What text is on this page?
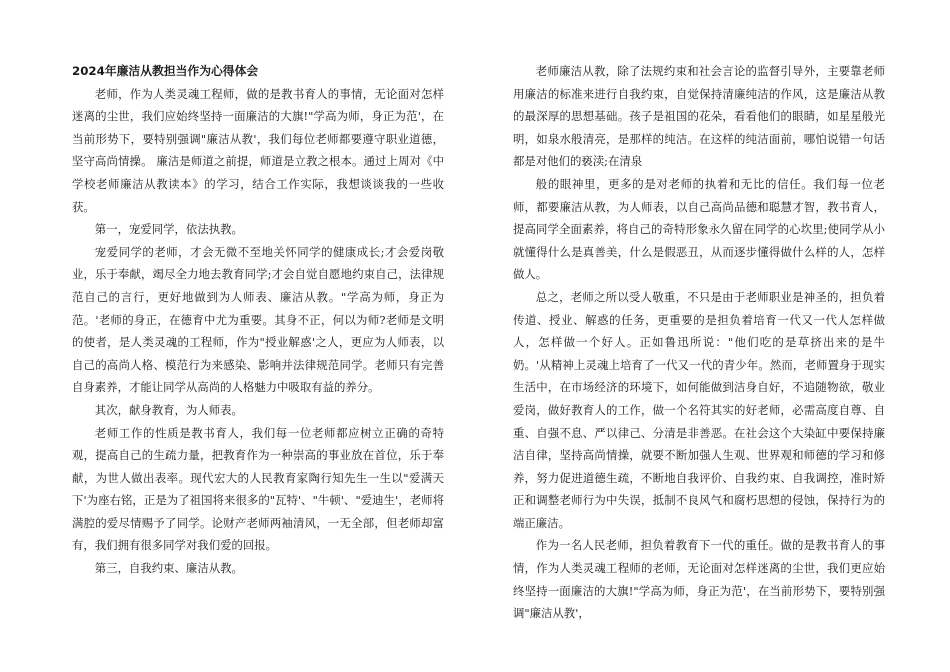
2024年廉洁从教担当作为心得体会

老师，作为人类灵魂工程师，做的是教书育人的事情，无论面对怎样迷离的尘世，我们应始终坚持一面廉洁的大旗!"学高为师，身正为范'，在当前形势下，要特别强调"廉洁从教'，我们每位老师都要遵守职业道德，坚守高尚情操。 廉洁是师道之前提，师道是立教之根本。通过上周对《中学校老师廉洁从教读本》的学习，结合工作实际，我想谈谈我的一些收获。

第一，宠爱同学，依法执教。

宠爱同学的老师，才会无微不至地关怀同学的健康成长;才会爱岗敬业，乐于奉献，竭尽全力地去教育同学;才会自觉自愿地约束自己，法律规范自己的言行，更好地做到为人师表、廉洁从教。"学高为师，身正为范。'老师的身正，在德育中尤为重要。其身不正，何以为师?老师是文明的使者，是人类灵魂的工程师，作为"授业解惑'之人，更应为人师表，以自己的高尚人格、模范行为来感染、影响并法律规范同学。老师只有完善自身素养，才能让同学从高尚的人格魅力中吸取有益的养分。

其次，献身教育，为人师表。

老师工作的性质是教书育人，我们每一位老师都应树立正确的奇特观，提高自己的生疏力量，把教育作为一种崇高的事业放在首位，乐于奉献，为世人做出表率。现代宏大的人民教育家陶行知先生一生以"爱满天下'为座右铭，正是为了祖国将来很多的"瓦特'、"牛顿'、"爱迪生'，老师将满腔的爱尽情赐予了同学。论财产老师两袖清风，一无全部，但老师却富有，我们拥有很多同学对我们爱的回报。

第三，自我约束、廉洁从教。

老师廉洁从教，除了法规约束和社会言论的监督引导外，主要靠老师用廉洁的标准来进行自我约束，自觉保持清廉纯洁的作风，这是廉洁从教的最深厚的思想基础。孩子是祖国的花朵，看看他们的眼睛，如星星般光明，如泉水般清亮，是那样的纯洁。在这样的纯洁面前，哪怕说错一句话都是对他们的亵渎;在清泉

般的眼神里，更多的是对老师的执着和无比的信任。我们每一位老师，都要廉洁从教，为人师表，以自己高尚品德和聪慧才智，教书育人，提高同学全面素养，将自己的奇特形象永久留在同学的心坎里;使同学从小就懂得什么是真善美，什么是假恶丑，从而逐步懂得做什么样的人，怎样做人。

总之，老师之所以受人敬重，不只是由于老师职业是神圣的，担负着传道、授业、解惑的任务，更重要的是担负着培育一代又一代人怎样做人，怎样做一个好人。正如鲁迅所说："他们吃的是草挤出来的是牛奶。'从精神上灵魂上培育了一代又一代的青少年。然而，老师置身于现实生活中，在市场经济的环境下，如何能做到洁身自好，不追随物欲，敬业爱岗，做好教育人的工作，做一个名符其实的好老师，必需高度自尊、自重、自强不息、严以律己、分清是非善恶。在社会这个大染缸中要保持廉洁自律，坚持高尚情操，就要不断加强人生观、世界观和师德的学习和修养，努力促进道德生疏，不断地自我评价、自我约束、自我调控，准时矫正和调整老师行为中失误，抵制不良风气和腐朽思想的侵蚀，保持行为的端正廉洁。

作为一名人民老师，担负着教育下一代的重任。做的是教书育人的事情，作为人类灵魂工程师的老师，无论面对怎样迷离的尘世，我们更应始终坚持一面廉洁的大旗!"学高为师，身正为范'，在当前形势下，要特别强调"廉洁从教'，
